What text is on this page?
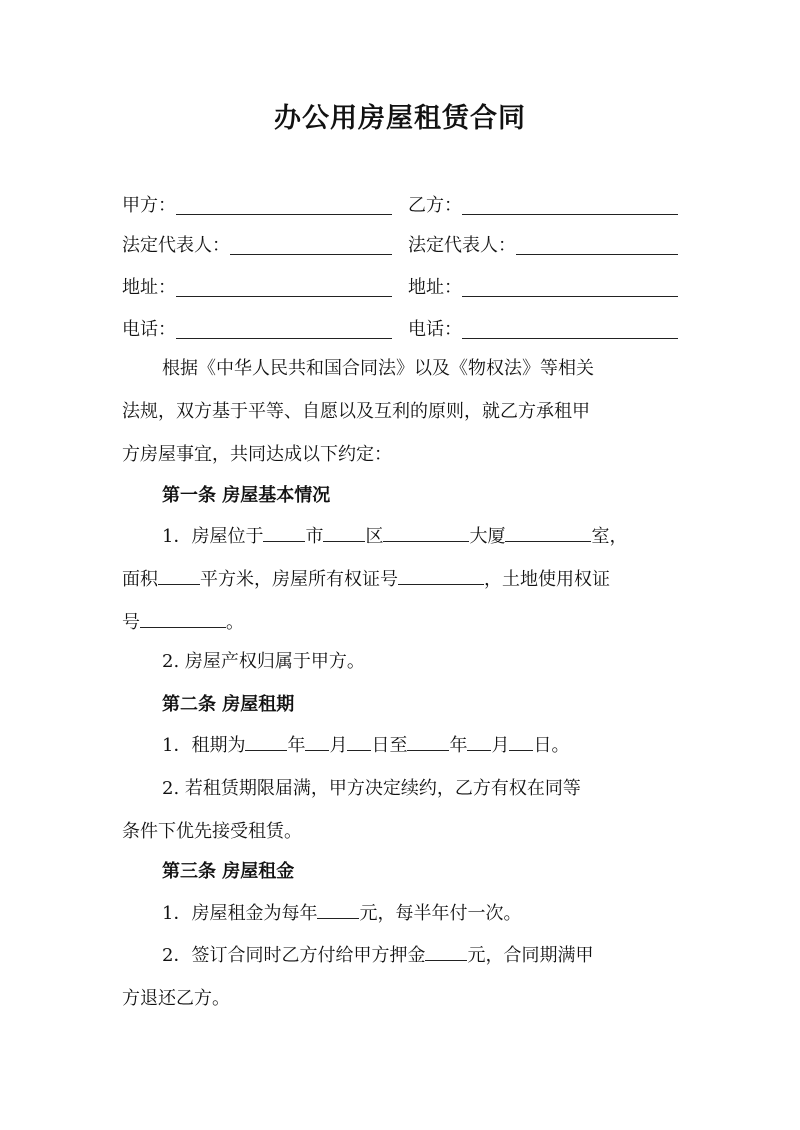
办公用房屋租赁合同
甲方：	乙方：
法定代表人：	法定代表人：
地址：	地址：
电话：	电话：
根据《中华人民共和国合同法》以及《物权法》等相关
法规，双方基于平等、自愿以及互利的原则，就乙方承租甲
方房屋事宜，共同达成以下约定：
第一条 房屋基本情况
1．房屋位于 市 区	大厦	室，
面积 平方米，房屋所有权证号	，土地使用权证
号	。
2. 房屋产权归属于甲方。
第二条 房屋租期
1．租期为 年 月 日至 年 月 日。
2. 若租赁期限届满，甲方决定续约，乙方有权在同等
条件下优先接受租赁。
第三条 房屋租金
1．房屋租金为每年 元，每半年付一次。
2．签订合同时乙方付给甲方押金 元，合同期满甲
方退还乙方。
